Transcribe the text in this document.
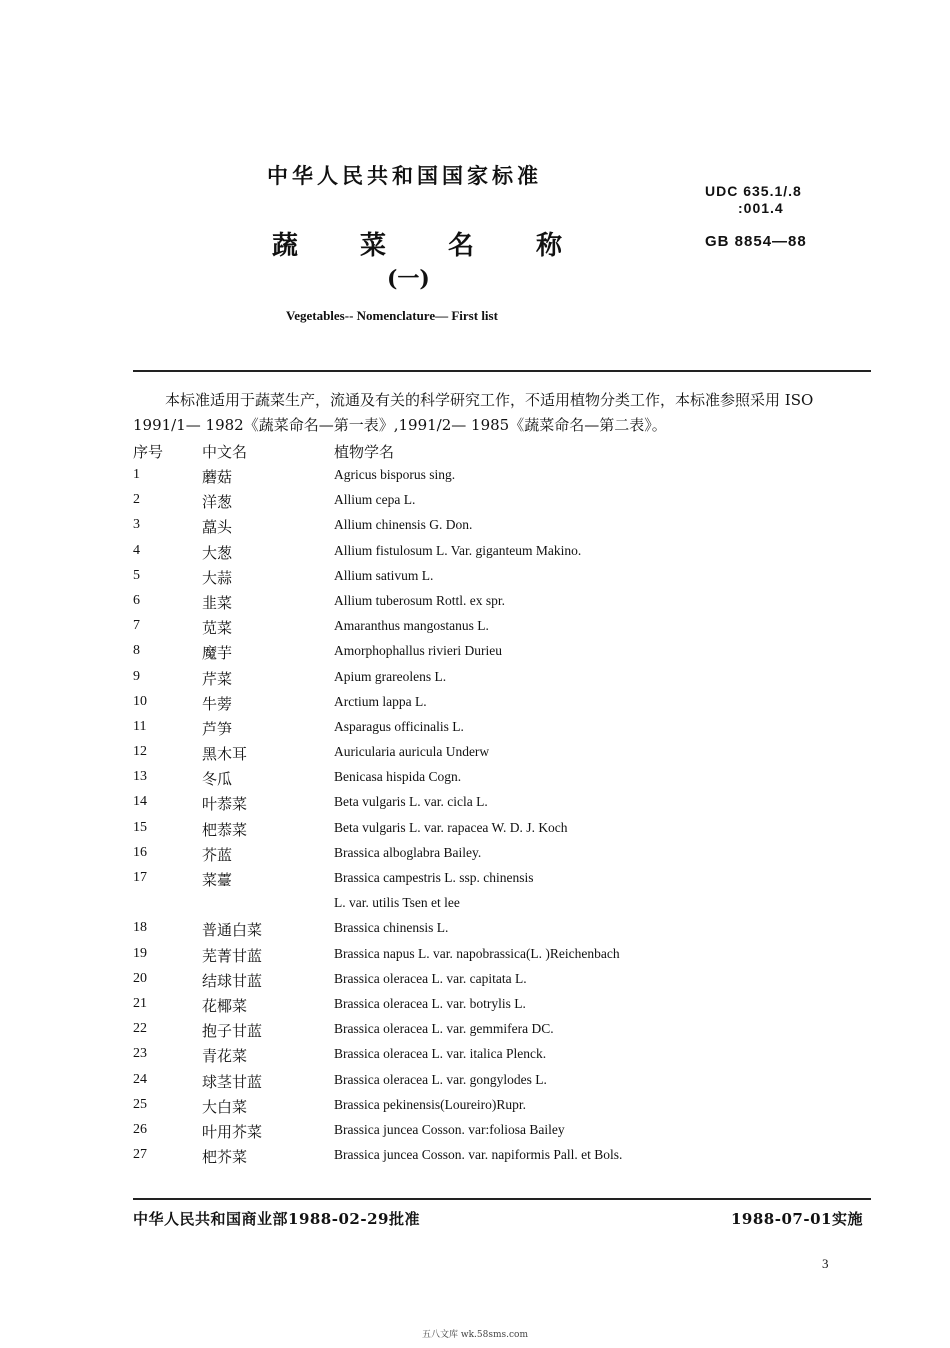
中华人民共和国国家标准
蔬 菜 名 称
(一)
Vegetables-- Nomenclature— First list
UDC 635.1/.8
:001.4
GB 8854—88
本标准适用于蔬菜生产，流通及有关的科学研究工作，不适用植物分类工作，本标准参照采用 ISO
1991/1— 1982《蔬菜命名—第一表》,1991/2— 1985《蔬菜命名—第二表》。
序号	中文名	植物学名
1	蘑菇	Agricus bisporus sing.
2	洋葱	Allium cepa L.
3	藠头	Allium chinensis G. Don.
4	大葱	Allium fistulosum L. Var. giganteum Makino.
5	大蒜	Allium sativum L.
6	韭菜	Allium tuberosum Rottl. ex spr.
7	苋菜	Amaranthus mangostanus L.
8	魔芋	Amorphophallus rivieri Durieu
9	芹菜	Apium grareolens L.
10	牛蒡	Arctium lappa L.
11	芦笋	Asparagus officinalis L.
12	黑木耳	Auricularia auricula Underw
13	冬瓜	Benicasa hispida Cogn.
14	叶菾菜	Beta vulgaris L. var. cicla L.
15	杷菾菜	Beta vulgaris L. var. rapacea W. D. J. Koch
16	芥蓝	Brassica alboglabra Bailey.
17	菜薹	Brassica campestris L. ssp. chinensis
L. var. utilis Tsen et lee
18	普通白菜	Brassica chinensis L.
19	芜菁甘蓝	Brassica napus L. var. napobrassica(L. )Reichenbach
20	结球甘蓝	Brassica oleracea L. var. capitata L.
21	花椰菜	Brassica oleracea L. var. botrylis L.
22	抱子甘蓝	Brassica oleracea L. var. gemmifera DC.
23	青花菜	Brassica oleracea L. var. italica Plenck.
24	球茎甘蓝	Brassica oleracea L. var. gongylodes L.
25	大白菜	Brassica pekinensis(Loureiro)Rupr.
26	叶用芥菜	Brassica juncea Cosson. var:foliosa Bailey
27	杷芥菜	Brassica juncea Cosson. var. napiformis Pall. et Bols.
中华人民共和国商业部1988-02-29批准	1988-07-01实施
3
五八文库 wk.58sms.com
